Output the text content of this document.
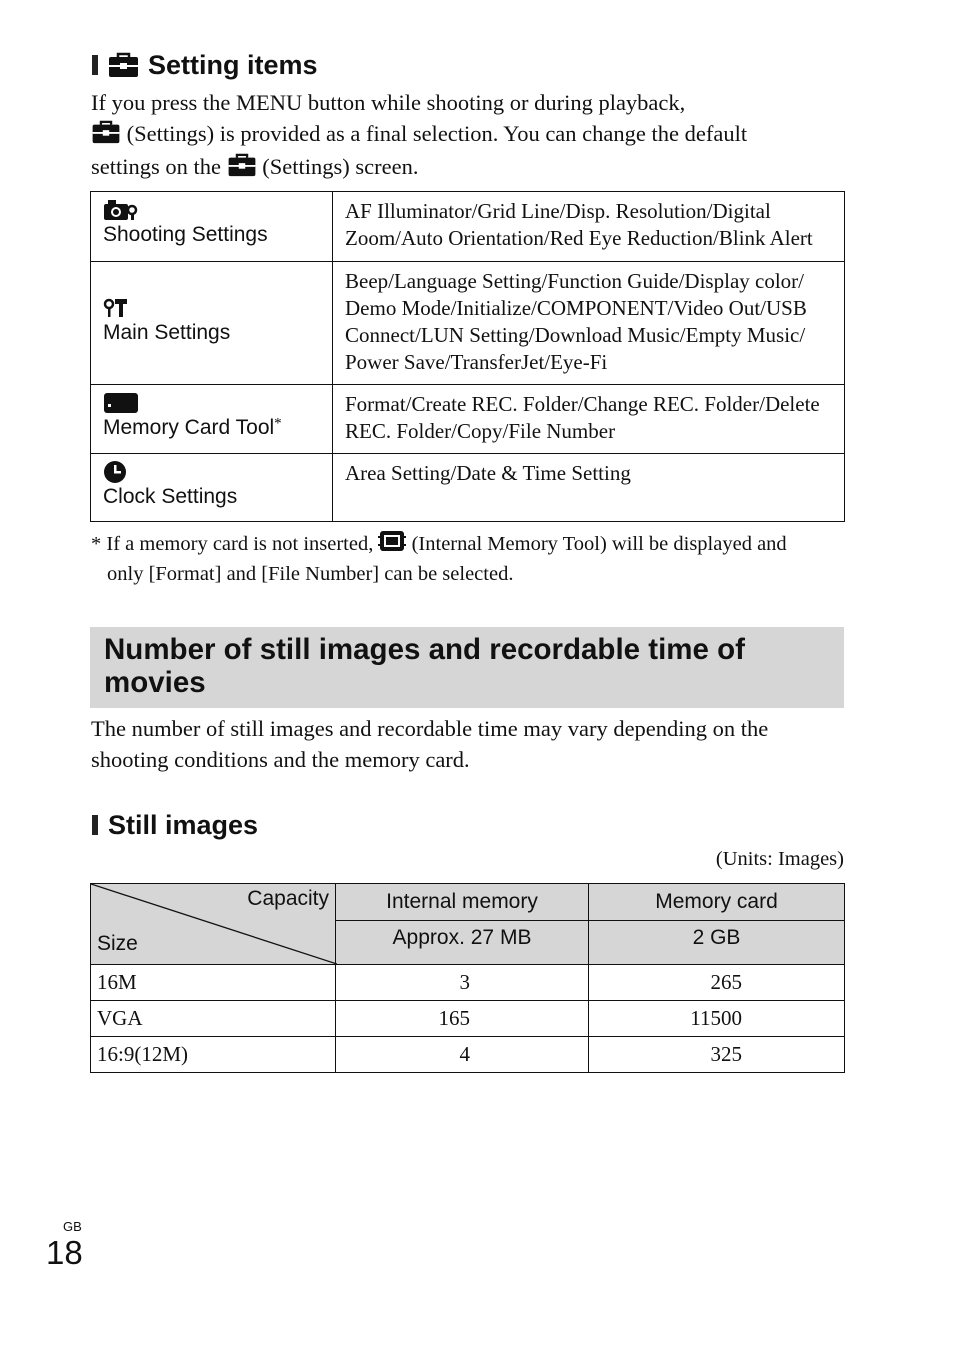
Setting items
If you press the MENU button while shooting or during playback,
(Settings) is provided as a final selection. You can change the default
settings on the (Settings) screen.
Shooting Settings	AF Illuminator/Grid Line/Disp. Resolution/Digital Zoom/Auto Orientation/Red Eye Reduction/Blink Alert

Main Settings	Beep/Language Setting/Function Guide/Display color/ Demo Mode/Initialize/COMPONENT/Video Out/USB Connect/LUN Setting/Download Music/Empty Music/ Power Save/TransferJet/Eye-Fi

Memory Card Tool*	Format/Create REC. Folder/Change REC. Folder/Delete REC. Folder/Copy/File Number

Clock Settings	Area Setting/Date & Time Setting
* If a memory card is not inserted, (Internal Memory Tool) will be displayed and
only [Format] and [File Number] can be selected.
Number of still images and recordable time of movies
The number of still images and recordable time may vary depending on the shooting conditions and the memory card.
Still images
(Units: Images)
Capacity
Size	Internal memory	Memory card
	Approx. 27 MB	2 GB
16M	3	265
VGA	165	11500
16:9(12M)	4	325
GB
18
